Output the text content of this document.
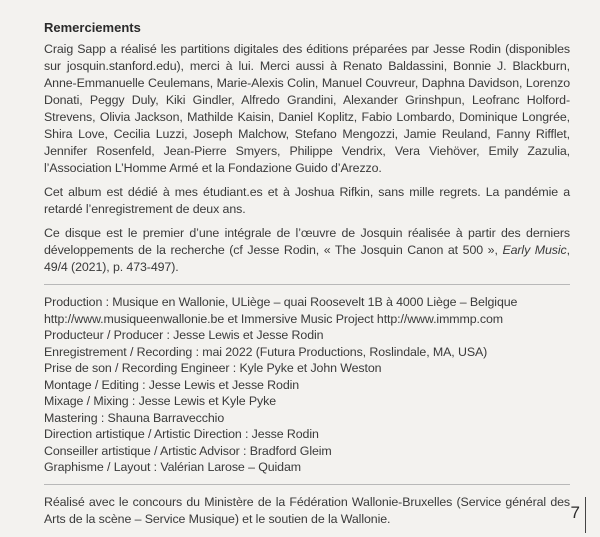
Remerciements

Craig Sapp a réalisé les partitions digitales des éditions préparées par Jesse Rodin (disponibles sur josquin.stanford.edu), merci à lui. Merci aussi à Renato Baldassini, Bonnie J. Blackburn, Anne-Emmanuelle Ceulemans, Marie-Alexis Colin, Manuel Couvreur, Daphna Davidson, Lorenzo Donati, Peggy Duly, Kiki Gindler, Alfredo Grandini, Alexander Grinshpun, Leofranc Holford-Strevens, Olivia Jackson, Mathilde Kaisin, Daniel Koplitz, Fabio Lombardo, Dominique Longrée, Shira Love, Cecilia Luzzi, Joseph Malchow, Stefano Mengozzi, Jamie Reuland, Fanny Rifflet, Jennifer Rosenfeld, Jean-Pierre Smyers, Philippe Vendrix, Vera Viehöver, Emily Zazulia, l’Association L’Homme Armé et la Fondazione Guido d’Arezzo.

Cet album est dédié à mes étudiant.es et à Joshua Rifkin, sans mille regrets. La pandémie a retardé l’enregistrement de deux ans.

Ce disque est le premier d’une intégrale de l’œuvre de Josquin réalisée à partir des derniers développements de la recherche (cf Jesse Rodin, « The Josquin Canon at 500 », Early Music, 49/4 (2021), p. 473-497).

Production : Musique en Wallonie, ULiège – quai Roosevelt 1B à 4000 Liège – Belgique
http://www.musiqueenwallonie.be et Immersive Music Project http://www.immmp.com
Producteur / Producer : Jesse Lewis et Jesse Rodin
Enregistrement / Recording : mai 2022 (Futura Productions, Roslindale, MA, USA)
Prise de son / Recording Engineer : Kyle Pyke et John Weston
Montage / Editing : Jesse Lewis et Jesse Rodin
Mixage / Mixing : Jesse Lewis et Kyle Pyke
Mastering : Shauna Barravecchio
Direction artistique / Artistic Direction : Jesse Rodin
Conseiller artistique / Artistic Advisor : Bradford Gleim
Graphisme / Layout : Valérian Larose – Quidam

Réalisé avec le concours du Ministère de la Fédération Wallonie-Bruxelles (Service général des Arts de la scène – Service Musique) et le soutien de la Wallonie.	7
